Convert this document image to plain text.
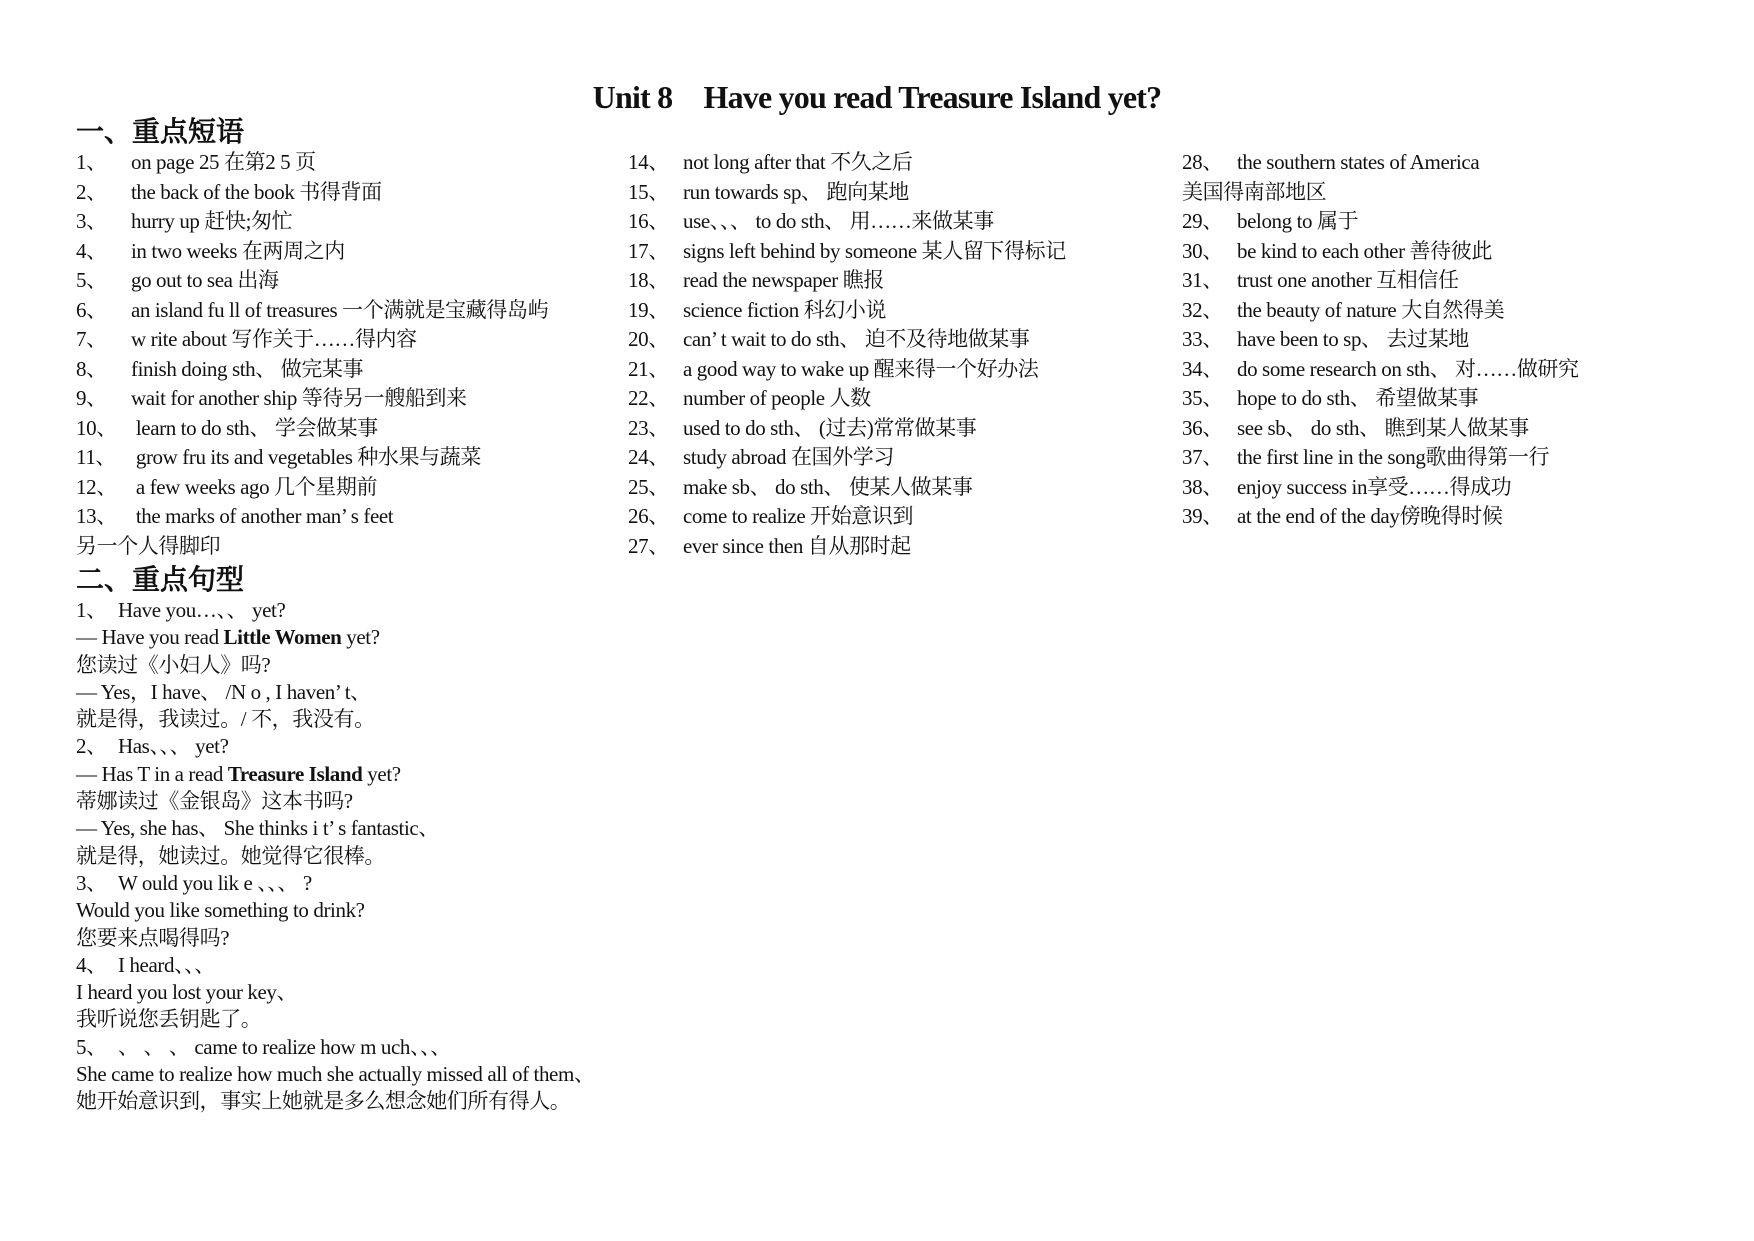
Unit 8　Have you read Treasure Island yet?
一、重点短语
1、 on page 25 在第2 5 页
2、 the back of the book 书得背面
3、 hurry up 赶快;匆忙
4、 in two weeks 在两周之内
5、 go out to sea 出海
6、 an island fu ll of treasures 一个满就是宝藏得岛屿
7、 w rite about 写作关于……得内容
8、 finish doing sth、 做完某事
9、 wait for another ship 等待另一艘船到来
10、 learn to do sth、 学会做某事
11、 grow fru its and vegetables 种水果与蔬菜
12、 a few weeks ago 几个星期前
13、 the marks of another man’ s feet
另一个人得脚印
14、 not long after that 不久之后
15、 run towards sp、 跑向某地
16、 use、、、 to do sth、 用……来做某事
17、 signs left behind by someone 某人留下得标记
18、 read the newspaper 瞧报
19、 science fiction 科幻小说
20、 can’ t wait to do sth、 迫不及待地做某事
21、 a good way to wake up 醒来得一个好办法
22、 number of people 人数
23、 used to do sth、 (过去)常常做某事
24、 study abroad 在国外学习
25、 make sb、 do sth、 使某人做某事
26、 come to realize 开始意识到
27、 ever since then 自从那时起
28、 the southern states of America
美国得南部地区
29、 belong to 属于
30、 be kind to each other 善待彼此
31、 trust one another 互相信任
32、 the beauty of nature 大自然得美
33、 have been to sp、 去过某地
34、 do some research on sth、 对……做研究
35、 hope to do sth、 希望做某事
36、 see sb、 do sth、 瞧到某人做某事
37、 the first line in the song歌曲得第一行
38、 enjoy success in享受……得成功
39、 at the end of the day傍晚得时候
二、重点句型
1、 Have you…、、 yet?
— Have you read Little Women yet?
您读过《小妇人》吗?
— Yes，I have、 /N o , I haven’ t、
就是得，我读过。/ 不，我没有。
2、 Has、、、 yet?
— Has T in a read Treasure Island yet?
蒂娜读过《金银岛》这本书吗?
— Yes, she has、 She thinks i t’ s fantastic、
就是得，她读过。她觉得它很棒。
3、 W ould you lik e 、、、 ?
Would you like something to drink?
您要来点喝得吗?
4、 I heard、、、
I heard you lost your key、
我听说您丢钥匙了。
5、 、 、 、 came to realize how m uch、、、
She came to realize how much she actually missed all of them、
她开始意识到，事实上她就是多么想念她们所有得人。
